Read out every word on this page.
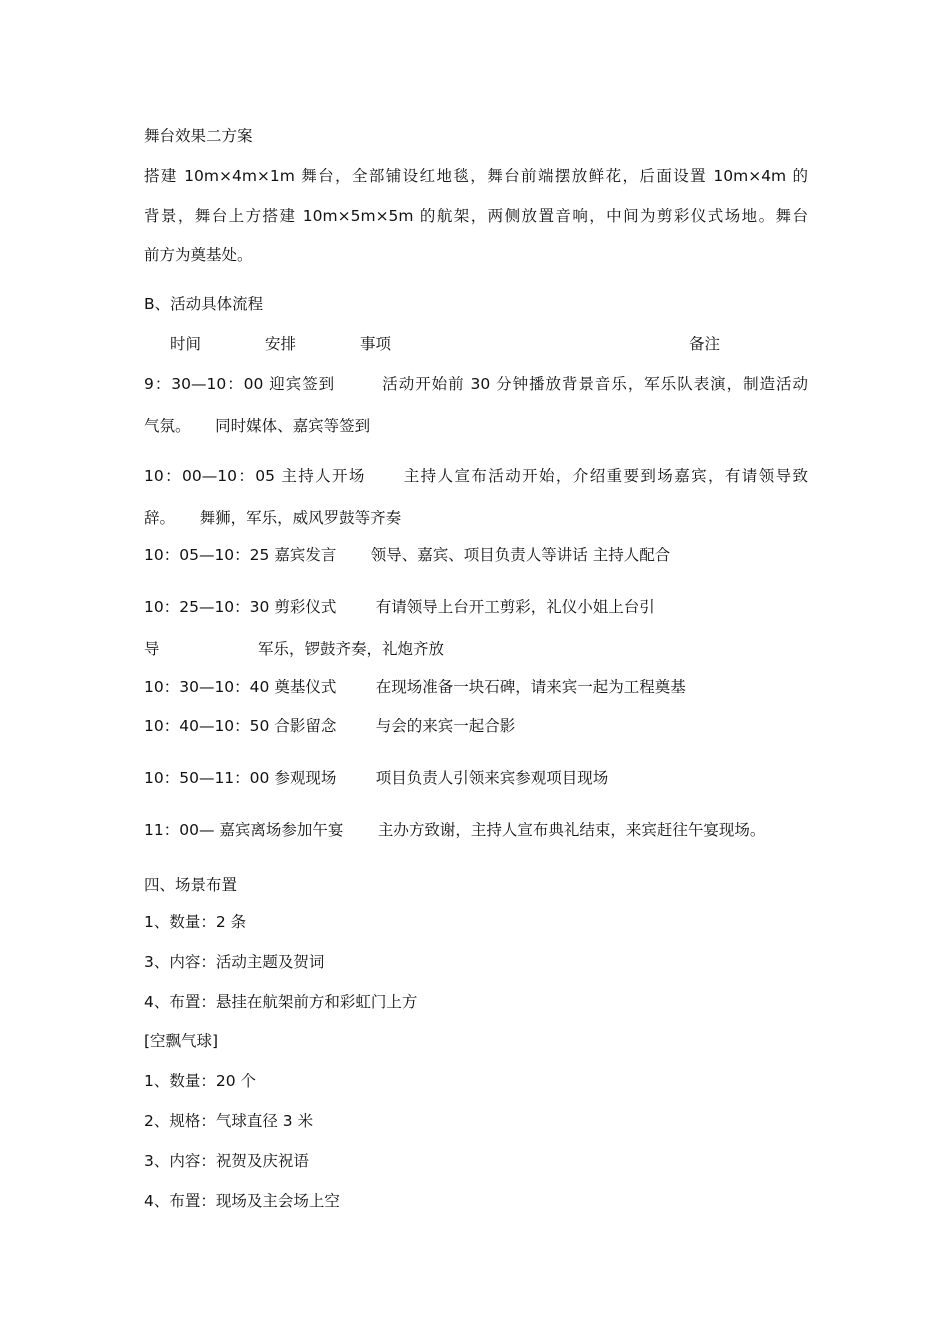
舞台效果二方案
搭建 10m×4m×1m 舞台，全部铺设红地毯，舞台前端摆放鲜花，后面设置 10m×4m 的
背景，舞台上方搭建 10m×5m×5m 的航架，两侧放置音响，中间为剪彩仪式场地。舞台
前方为奠基处。
B、活动具体流程
时间	安排	事项	备注
9：30—10：00 迎宾签到        活动开始前 30 分钟播放背景音乐，军乐队表演，制造活动
气氛。     同时媒体、嘉宾等签到
10：00—10：05 主持人开场      主持人宣布活动开始，介绍重要到场嘉宾，有请领导致
辞。     舞狮，军乐，威风罗鼓等齐奏
10：05—10：25 嘉宾发言       领导、嘉宾、项目负责人等讲话 主持人配合
10：25—10：30 剪彩仪式        有请领导上台开工剪彩，礼仪小姐上台引
导                    军乐，锣鼓齐奏，礼炮齐放
10：30—10：40 奠基仪式        在现场准备一块石碑，请来宾一起为工程奠基
10：40—10：50 合影留念        与会的来宾一起合影
10：50—11：00 参观现场        项目负责人引领来宾参观项目现场
11：00— 嘉宾离场参加午宴       主办方致谢，主持人宣布典礼结束，来宾赶往午宴现场。
四、场景布置
1、数量：2 条
3、内容：活动主题及贺词
4、布置：悬挂在航架前方和彩虹门上方
[空飘气球]
1、数量：20 个
2、规格：气球直径 3 米
3、内容：祝贺及庆祝语
4、布置：现场及主会场上空
